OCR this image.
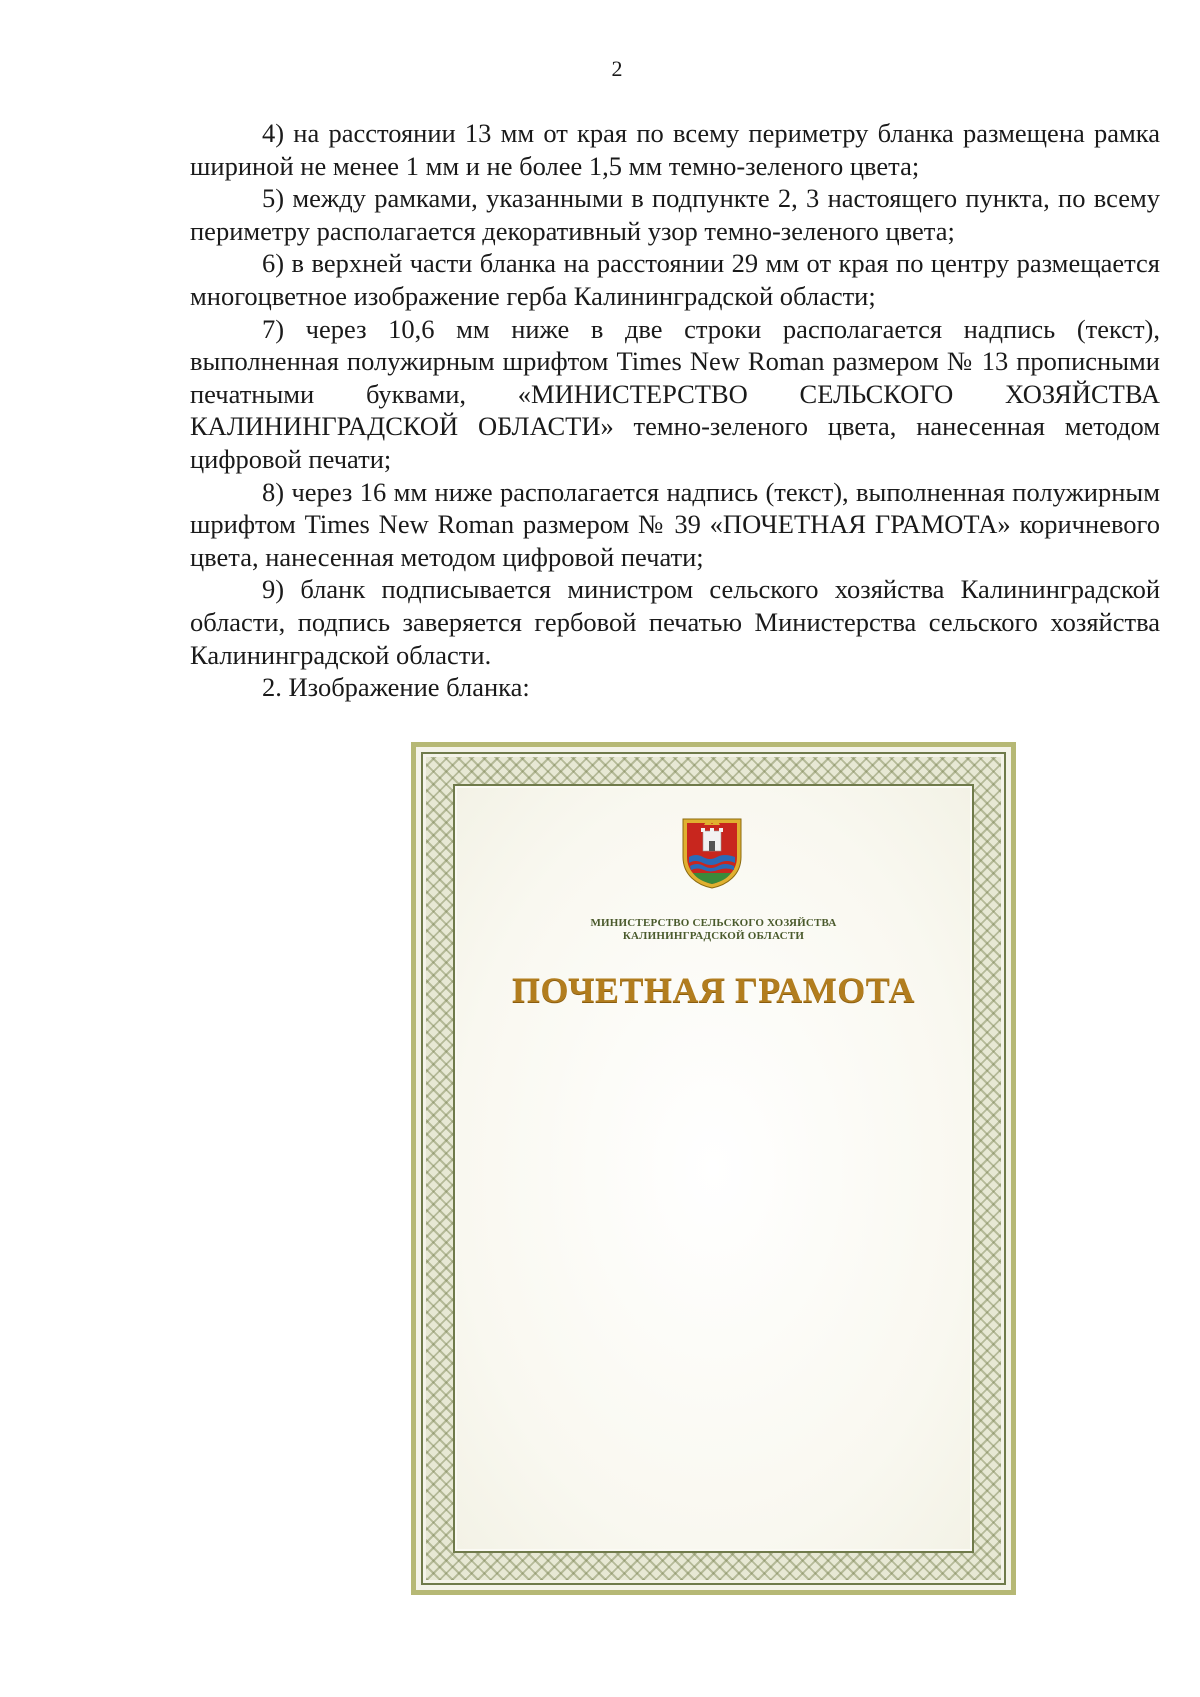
2

4) на расстоянии 13 мм от края по всему периметру бланка размещена рамка шириной не менее 1 мм и не более 1,5 мм темно-зеленого цвета;

5) между рамками, указанными в подпункте 2, 3 настоящего пункта, по всему периметру располагается декоративный узор темно-зеленого цвета;

6) в верхней части бланка на расстоянии 29 мм от края по центру размещается многоцветное изображение герба Калининградской области;

7) через 10,6 мм ниже в две строки располагается надпись (текст), выполненная полужирным шрифтом Times New Roman размером № 13 прописными печатными буквами, «МИНИСТЕРСТВО СЕЛЬСКОГО ХОЗЯЙСТВА КАЛИНИНГРАДСКОЙ ОБЛАСТИ» темно-зеленого цвета, нанесенная методом цифровой печати;

8) через 16 мм ниже располагается надпись (текст), выполненная полужирным шрифтом Times New Roman размером № 39 «ПОЧЕТНАЯ ГРАМОТА» коричневого цвета, нанесенная методом цифровой печати;

9) бланк подписывается министром сельского хозяйства Калининградской области, подпись заверяется гербовой печатью Министерства сельского хозяйства Калининградской области.

2. Изображение бланка:

МИНИСТЕРСТВО СЕЛЬСКОГО ХОЗЯЙСТВА
КАЛИНИНГРАДСКОЙ ОБЛАСТИ
ПОЧЕТНАЯ ГРАМОТА
